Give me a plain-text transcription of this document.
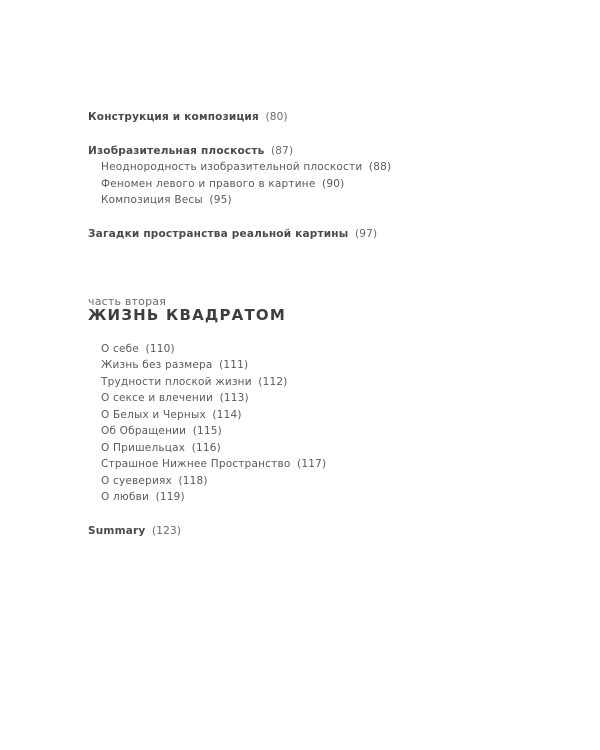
Конструкция и композиция (80)
Изобразительная плоскость (87)
Неоднородность изобразительной плоскости (88)
Феномен левого и правого в картине (90)
Композиция Весы (95)
Загадки пространства реальной картины (97)
часть вторая
ЖИЗНЬ КВАДРАТОМ
О себе (110)
Жизнь без размера (111)
Трудности плоской жизни (112)
О сексе и влечении (113)
О Белых и Черных (114)
Об Обращении (115)
О Пришельцах (116)
Страшное Нижнее Пространство (117)
О суевериях (118)
О любви (119)
Summary (123)
